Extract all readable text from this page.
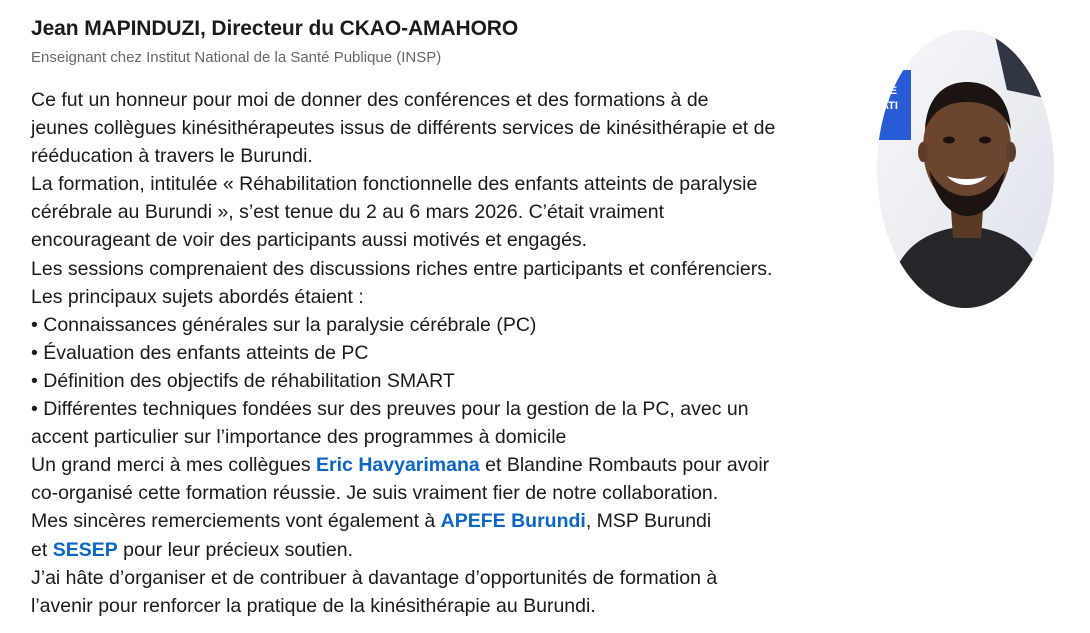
Jean MAPINDUZI, Directeur du CKAO-AMAHORO
Enseignant chez Institut National de la Santé Publique (INSP)
Ce fut un honneur pour moi de donner des conférences et des formations à de
jeunes collègues kinésithérapeutes issus de différents services de kinésithérapie et de
rééducation à travers le Burundi.
La formation, intitulée « Réhabilitation fonctionnelle des enfants atteints de paralysie
cérébrale au Burundi », s’est tenue du 2 au 6 mars 2026. C’était vraiment
encourageant de voir des participants aussi motivés et engagés.
Les sessions comprenaient des discussions riches entre participants et conférenciers.
Les principaux sujets abordés étaient :
• Connaissances générales sur la paralysie cérébrale (PC)
• Évaluation des enfants atteints de PC
• Définition des objectifs de réhabilitation SMART
• Différentes techniques fondées sur des preuves pour la gestion de la PC, avec un
accent particulier sur l’importance des programmes à domicile
Un grand merci à mes collègues Eric Havyarimana et Blandine Rombauts pour avoir
co-organisé cette formation réussie. Je suis vraiment fier de notre collaboration.
Mes sincères remerciements vont également à APEFE Burundi, MSP Burundi
et SESEP pour leur précieux soutien.
J’ai hâte d’organiser et de contribuer à davantage d’opportunités de formation à
l’avenir pour renforcer la pratique de la kinésithérapie au Burundi.
TÉ
ATI
